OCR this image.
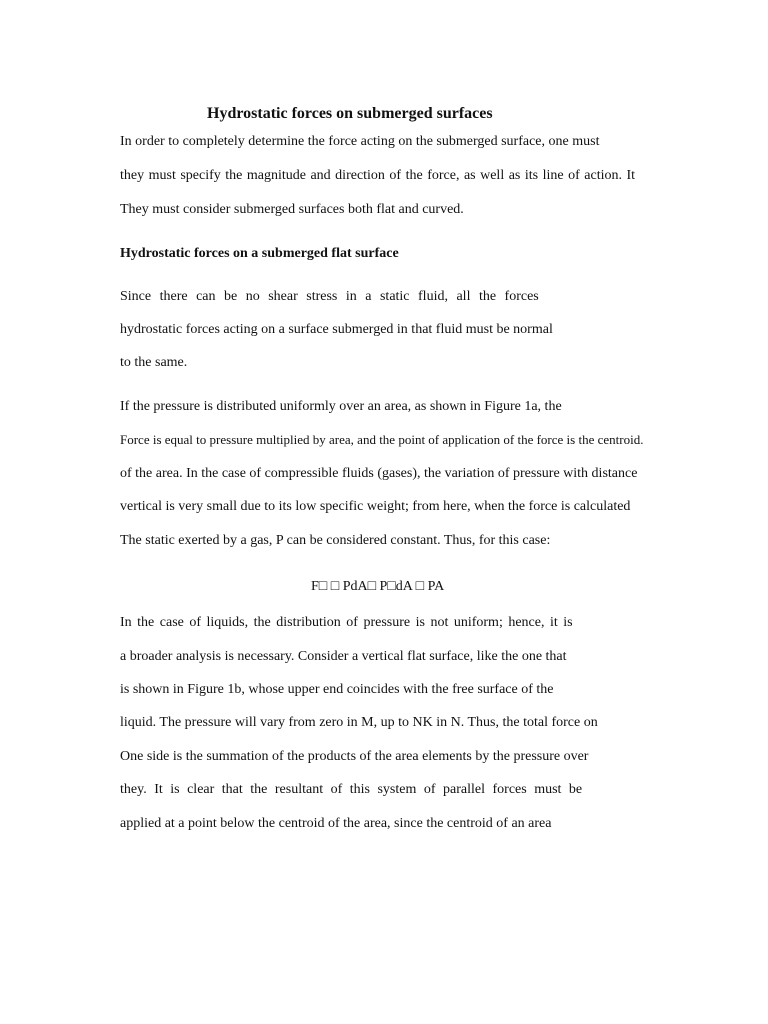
Hydrostatic forces on submerged surfaces
In order to completely determine the force acting on the submerged surface, one must
they must specify the magnitude and direction of the force, as well as its line of action. It
They must consider submerged surfaces both flat and curved.
Hydrostatic forces on a submerged flat surface
Since there can be no shear stress in a static fluid, all the forces
hydrostatic forces acting on a surface submerged in that fluid must be normal
to the same.
If the pressure is distributed uniformly over an area, as shown in Figure 1a, the
Force is equal to pressure multiplied by area, and the point of application of the force is the centroid.
of the area. In the case of compressible fluids (gases), the variation of pressure with distance
vertical is very small due to its low specific weight; from here, when the force is calculated
The static exerted by a gas, P can be considered constant. Thus, for this case:
F□ □ PdA□ P□dA □ PA
In the case of liquids, the distribution of pressure is not uniform; hence, it is
a broader analysis is necessary. Consider a vertical flat surface, like the one that
is shown in Figure 1b, whose upper end coincides with the free surface of the
liquid. The pressure will vary from zero in M, up to NK in N. Thus, the total force on
One side is the summation of the products of the area elements by the pressure over
they. It is clear that the resultant of this system of parallel forces must be
applied at a point below the centroid of the area, since the centroid of an area
